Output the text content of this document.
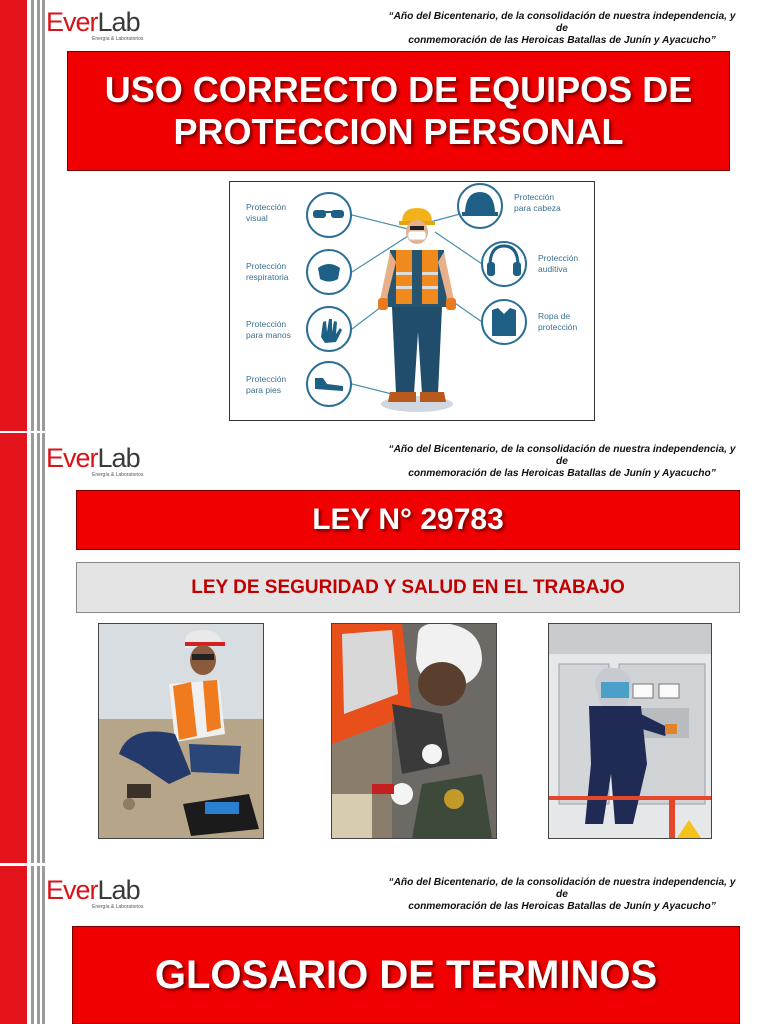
EverLab
Energía & Laboratorios
“Año del Bicentenario, de la consolidación de nuestra independencia, y de
conmemoración de las Heroicas Batallas de Junín y Ayacucho”
USO CORRECTO DE EQUIPOS DE
PROTECCION PERSONAL
Protección
visual
Protección
respiratoria
Protección
para manos
Protección
para pies
Protección
para cabeza
Protección
auditiva
Ropa de
protección
EverLab
Energía & Laboratorios
“Año del Bicentenario, de la consolidación de nuestra independencia, y de
conmemoración de las Heroicas Batallas de Junín y Ayacucho”
LEY N° 29783
LEY DE SEGURIDAD Y SALUD EN EL TRABAJO
EverLab
Energía & Laboratorios
“Año del Bicentenario, de la consolidación de nuestra independencia, y de
conmemoración de las Heroicas Batallas de Junín y Ayacucho”
GLOSARIO DE TERMINOS
